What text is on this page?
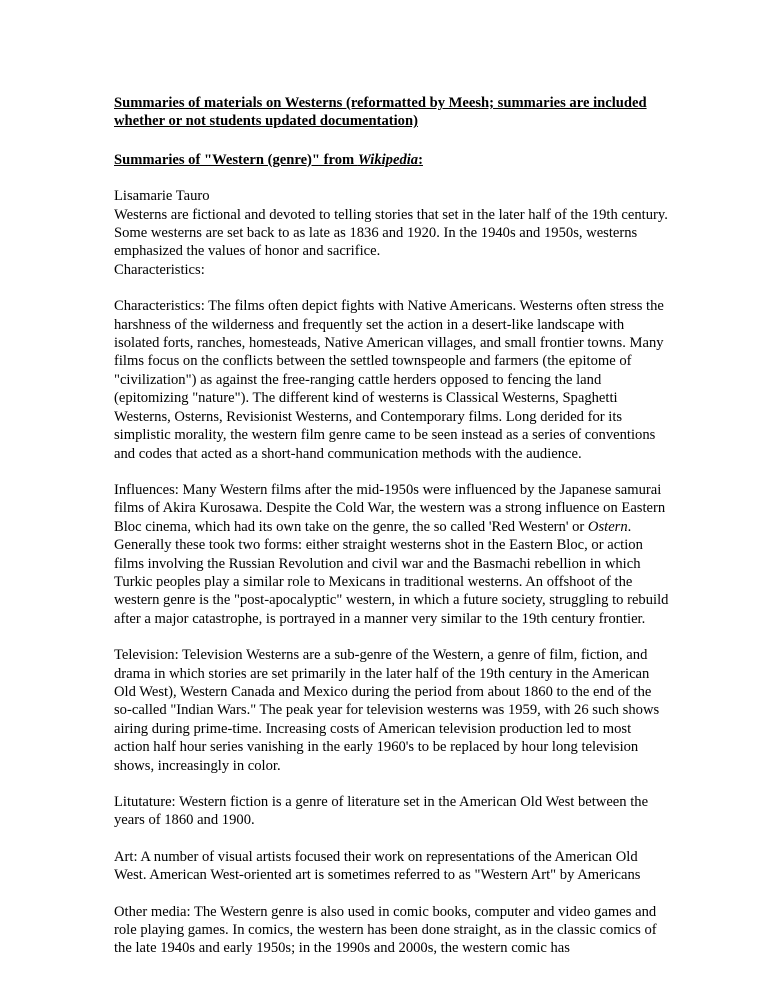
Summaries of materials on Westerns (reformatted by Meesh; summaries are included whether or not students updated documentation)
Summaries of "Western (genre)" from Wikipedia:
Lisamarie Tauro
Westerns are fictional and devoted to telling stories that set in the later half of the 19th century. Some westerns are set back to as late as 1836 and 1920. In the 1940s and 1950s, westerns emphasized the values of honor and sacrifice.

Characteristics:

Characteristics: The films often depict fights with Native Americans. Westerns often stress the harshness of the wilderness and frequently set the action in a desert-like landscape with isolated forts, ranches, homesteads, Native American villages, and small frontier towns. Many films focus on the conflicts between the settled townspeople and farmers (the epitome of "civilization") as against the free-ranging cattle herders opposed to fencing the land (epitomizing "nature"). The different kind of westerns is Classical Westerns, Spaghetti Westerns, Osterns, Revisionist Westerns, and Contemporary films. Long derided for its simplistic morality, the western film genre came to be seen instead as a series of conventions and codes that acted as a short-hand communication methods with the audience.

Influences: Many Western films after the mid-1950s were influenced by the Japanese samurai films of Akira Kurosawa. Despite the Cold War, the western was a strong influence on Eastern Bloc cinema, which had its own take on the genre, the so called 'Red Western' or Ostern. Generally these took two forms: either straight westerns shot in the Eastern Bloc, or action films involving the Russian Revolution and civil war and the Basmachi rebellion in which Turkic peoples play a similar role to Mexicans in traditional westerns. An offshoot of the western genre is the "post-apocalyptic" western, in which a future society, struggling to rebuild after a major catastrophe, is portrayed in a manner very similar to the 19th century frontier.

Television: Television Westerns are a sub-genre of the Western, a genre of film, fiction, and drama in which stories are set primarily in the later half of the 19th century in the American Old West), Western Canada and Mexico during the period from about 1860 to the end of the so-called "Indian Wars." The peak year for television westerns was 1959, with 26 such shows airing during prime-time. Increasing costs of American television production led to most action half hour series vanishing in the early 1960's to be replaced by hour long television shows, increasingly in color.

Litutature: Western fiction is a genre of literature set in the American Old West between the years of 1860 and 1900.

Art: A number of visual artists focused their work on representations of the American Old West. American West-oriented art is sometimes referred to as "Western Art" by Americans

Other media: The Western genre is also used in comic books, computer and video games and role playing games. In comics, the western has been done straight, as in the classic comics of the late 1940s and early 1950s; in the 1990s and 2000s, the western comic has
